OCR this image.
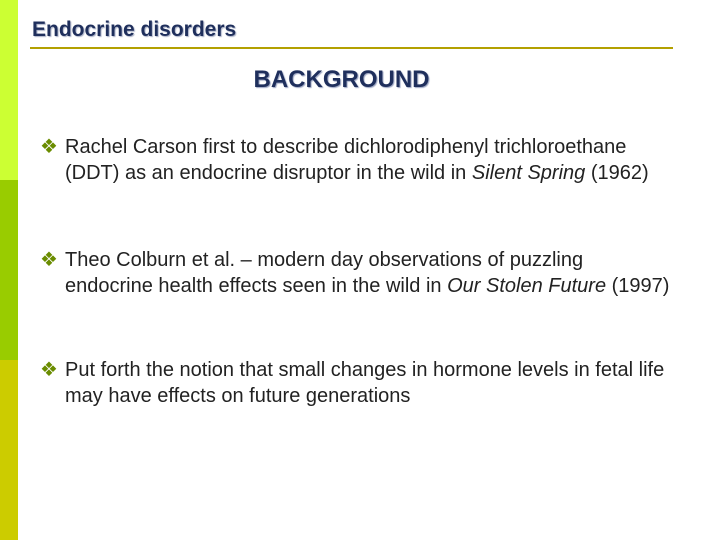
Endocrine disorders
BACKGROUND
❖ Rachel Carson first to describe dichlorodiphenyl trichloroethane (DDT) as an endocrine disruptor in the wild in Silent Spring (1962)
❖ Theo Colburn et al. – modern day observations of puzzling endocrine health effects seen in the wild in Our Stolen Future (1997)
❖ Put forth the notion that small changes in hormone levels in fetal life may have effects on future generations
